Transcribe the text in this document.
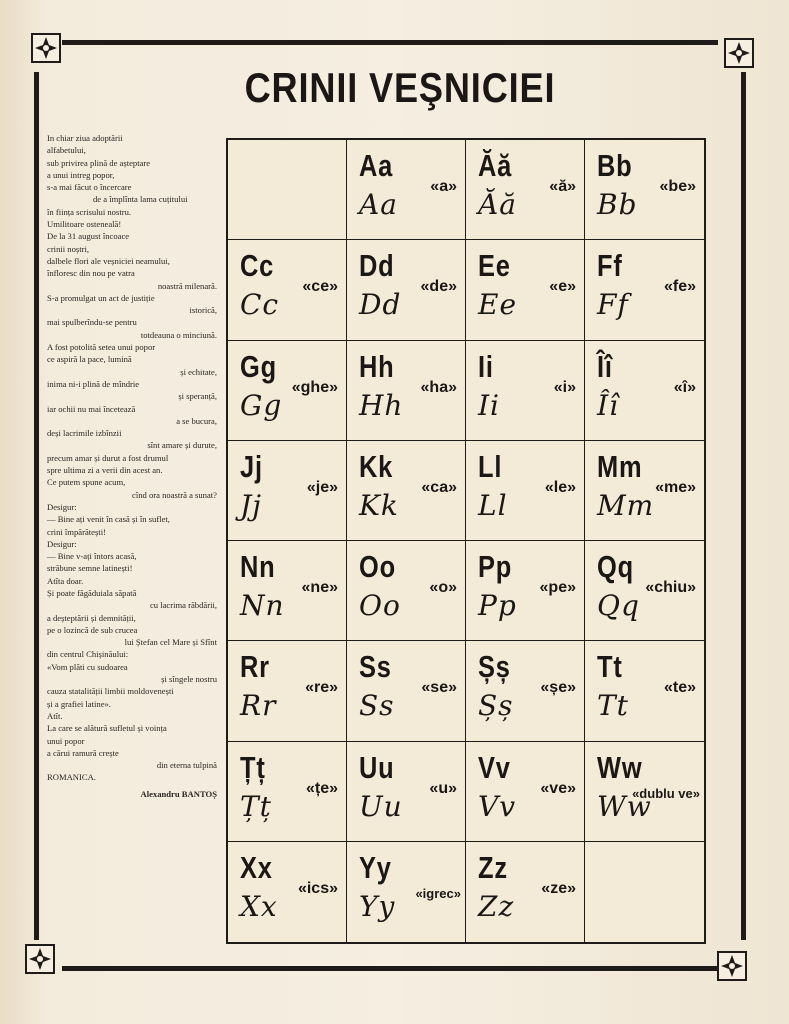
CRINII VEŞNICIEI
In chiar ziua adoptării
alfabetului,
sub privirea plină de așteptare
a unui intreg popor,
s-a mai făcut o încercare
de a împlînta lama cuțitului
în ființa scrisului nostru.
Umilitoare osteneală!
De la 31 august încoace
crinii noștri,
dalbele flori ale veșniciei neamului,
înfloresc din nou pe vatra
noastră milenară.
S-a promulgat un act de justiție
istorică,
mai spulberîndu-se pentru
totdeauna o minciună.
A fost potolită setea unui popor
ce aspiră la pace, lumină
și echitate,
inima ni-i plină de mîndrie
și speranță,
iar ochii nu mai încetează
a se bucura,
deși lacrimile izbînzii
sînt amare și durute,
precum amar și durut a fost drumul
spre ultima zi a verii din acest an.
Ce putem spune acum,
cînd ora noastră a sunat?
Desigur:
— Bine ați venit în casă și în suflet,
crini împărătești!
Desigur:
— Bine v-ați întors acasă,
străbune semne latinești!
Atîta doar.
Și poate făgăduiala săpată
cu lacrima răbdării,
a deșteptării și demnității,
pe o lozincă de sub crucea
lui Ștefan cel Mare și Sfînt
din centrul Chișinăului:
«Vom plăti cu sudoarea
și sîngele nostru
cauza statalității limbii moldovenești
și a grafiei latine».
Atît.
La care se alătură sufletul și voința
unui popor
a cărui ramură crește
din eterna tulpină
ROMANICA.
Alexandru BANTOȘ
Aa
Aa
«a»
Ăă
Ăă
«ă»
Bb
Bb
«be»
Cc
Cc
«ce»
Dd
Dd
«de»
Ee
Ee
«e»
Ff
Ff
«fe»
Gg
Gg
«ghe»
Hh
Hh
«ha»
Ii
Ii
«i»
Îî
Îî
«î»
Jj
Jj
«je»
Kk
Kk
«ca»
Ll
Ll
«le»
Mm
Mm
«me»
Nn
Nn
«ne»
Oo
Oo
«o»
Pp
Pp
«pe»
Qq
Qq
«chiu»
Rr
Rr
«re»
Ss
Ss
«se»
Șș
Șș
«șe»
Tt
Tt
«te»
Țț
Țț
«țe»
Uu
Uu
«u»
Vv
Vv
«ve»
Ww
Ww
«dublu ve»
Xx
Xx
«ics»
Yy
Yy «igrec»
Zz
Zz
«ze»
